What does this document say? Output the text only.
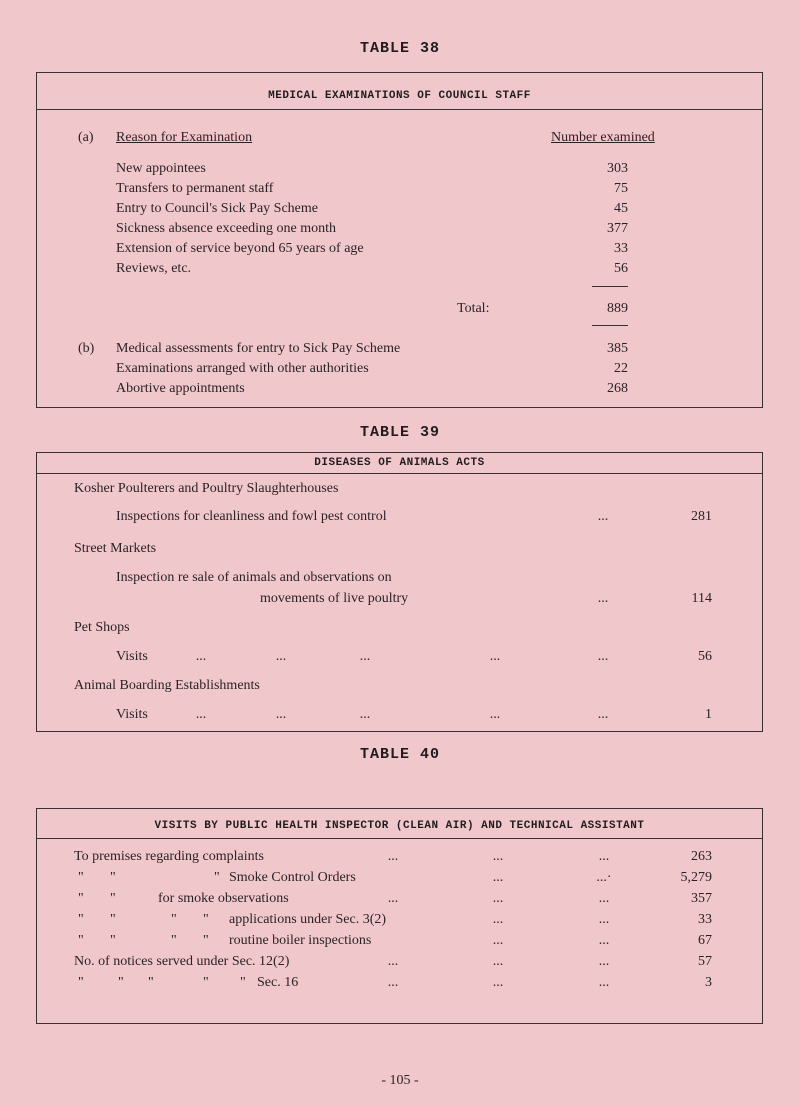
TABLE 38
MEDICAL EXAMINATIONS OF COUNCIL STAFF
(a) Reason for Examination	Number examined
New appointees	303
Transfers to permanent staff	75
Entry to Council's Sick Pay Scheme	45
Sickness absence exceeding one month	377
Extension of service beyond 65 years of age	33
Reviews, etc.	56
Total:	889
(b) Medical assessments for entry to Sick Pay Scheme	385
Examinations arranged with other authorities	22
Abortive appointments	268
TABLE 39
DISEASES OF ANIMALS ACTS
Kosher Poulterers and Poultry Slaughterhouses
Inspections for cleanliness and fowl pest control	...	281
Street Markets
Inspection re sale of animals and observations on
movements of live poultry	...	114
Pet Shops
Visits	...	...	...	...	...	56
Animal Boarding Establishments
Visits	...	...	...	...	...	1
TABLE 40
VISITS BY PUBLIC HEALTH INSPECTOR (CLEAN AIR) AND TECHNICAL ASSISTANT
To premises regarding complaints	...	...	...	263
" "	" Smoke Control Orders	...	...·	5,279
" "	for smoke observations	...	...	...	357
" "	" " applications under Sec. 3(2)	...	...	33
" "	" " routine boiler inspections	...	...	67
No. of notices served under Sec. 12(2)	...	...	...	57
" " "	" " Sec. 16	...	...	...	3
- 105 -
